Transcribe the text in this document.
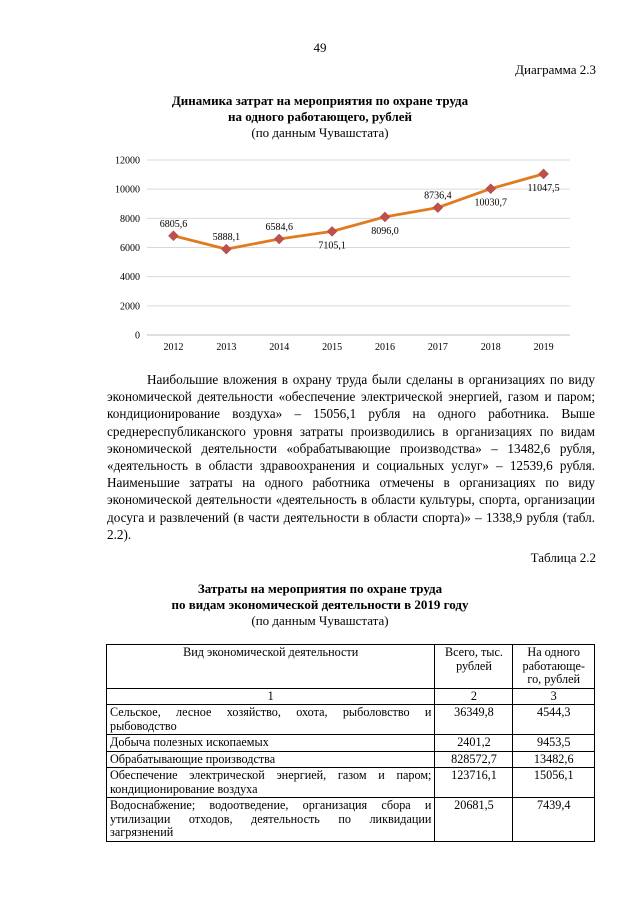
49
Диаграмма 2.3
Динамика затрат на мероприятия по охране труда
на одного работающего, рублей
(по данным Чувашстата)
0
2000
4000
6000
8000
10000
12000
2012	2013	2014	2015	2016	2017	2018	2019
6805,6
5888,1
6584,6
7105,1
8096,0
8736,4
10030,7
11047,5

Наибольшие вложения в охрану труда были сделаны в организациях по виду экономической деятельности «обеспечение электрической энергией, газом и паром; кондиционирование воздуха» – 15056,1 рубля на одного работника. Выше среднереспубликанского уровня затраты производились в организациях по видам экономической деятельности «обрабатывающие производства» – 13482,6 рубля, «деятельность в области здравоохранения и социальных услуг» – 12539,6 рубля. Наименьшие затраты на одного работника отмечены в организациях по виду экономической деятельности «деятельность в области культуры, спорта, организации досуга и развлечений (в части деятельности в области спорта)» – 1338,9 рубля (табл. 2.2).

Таблица 2.2
Затраты на мероприятия по охране труда
по видам экономической деятельности в 2019 году
(по данным Чувашстата)
Вид экономической деятельности	Всего, тыс. рублей	На одного работающе-го, рублей
1	2	3
Сельское, лесное хозяйство, охота, рыболовство и рыбоводство	36349,8	4544,3
Добыча полезных ископаемых	2401,2	9453,5
Обрабатывающие производства	828572,7	13482,6
Обеспечение электрической энергией, газом и паром; кондиционирование воздуха	123716,1	15056,1
Водоснабжение; водоотведение, организация сбора и утилизации отходов, деятельность по ликвидации загрязнений	20681,5	7439,4
